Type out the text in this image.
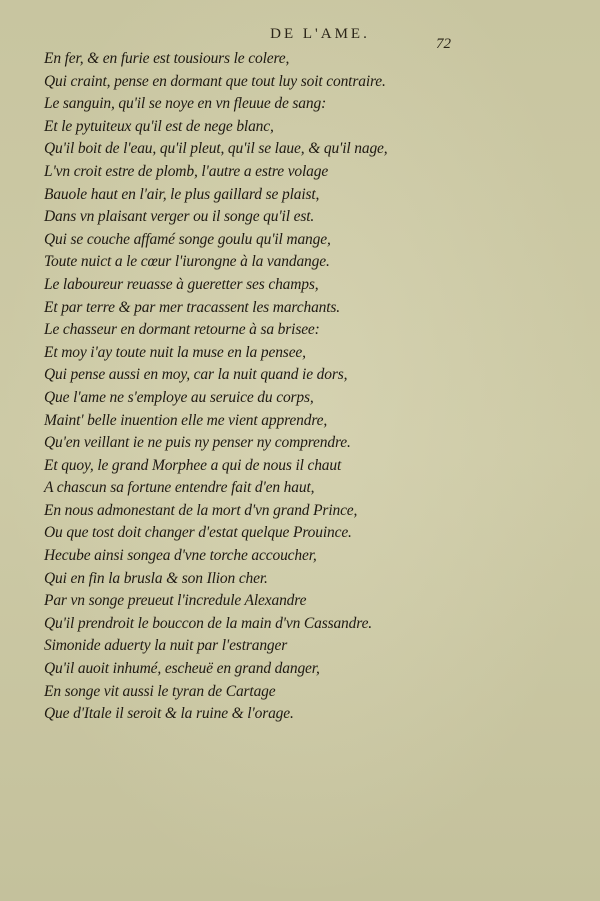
DE L'AME.
72
En fer, & en furie est tousiours le colere,
Qui craint, pense en dormant que tout luy soit contraire.
Le sanguin, qu'il se noye en vn fleuue de sang:
Et le pytuiteux qu'il est de nege blanc,
Qu'il boit de l'eau, qu'il pleut, qu'il se laue, & qu'il nage,
L'vn croit estre de plomb, l'autre a estre volage
Bauole haut en l'air, le plus gaillard se plaist,
Dans vn plaisant verger ou il songe qu'il est.
Qui se couche affamé songe goulu qu'il mange,
Toute nuict a le cœur l'iurongne à la vandange.
Le laboureur reuasse à gueretter ses champs,
Et par terre & par mer tracassent les marchants.
Le chasseur en dormant retourne à sa brisee:
Et moy i'ay toute nuit la muse en la pensee,
Qui pense aussi en moy, car la nuit quand ie dors,
Que l'ame ne s'employe au seruice du corps,
Maint' belle inuention elle me vient apprendre,
Qu'en veillant ie ne puis ny penser ny comprendre.
Et quoy, le grand Morphee a qui de nous il chaut
A chascun sa fortune entendre fait d'en haut,
En nous admonestant de la mort d'vn grand Prince,
Ou que tost doit changer d'estat quelque Prouince.
Hecube ainsi songea d'vne torche accoucher,
Qui en fin la brusla & son Ilion cher.
Par vn songe preueut l'incredule Alexandre
Qu'il prendroit le bouccon de la main d'vn Cassandre.
Simonide aduerty la nuit par l'estranger
Qu'il auoit inhumé, escheuë en grand danger,
En songe vit aussi le tyran de Cartage
Que d'Itale il seroit & la ruine & l'orage.
